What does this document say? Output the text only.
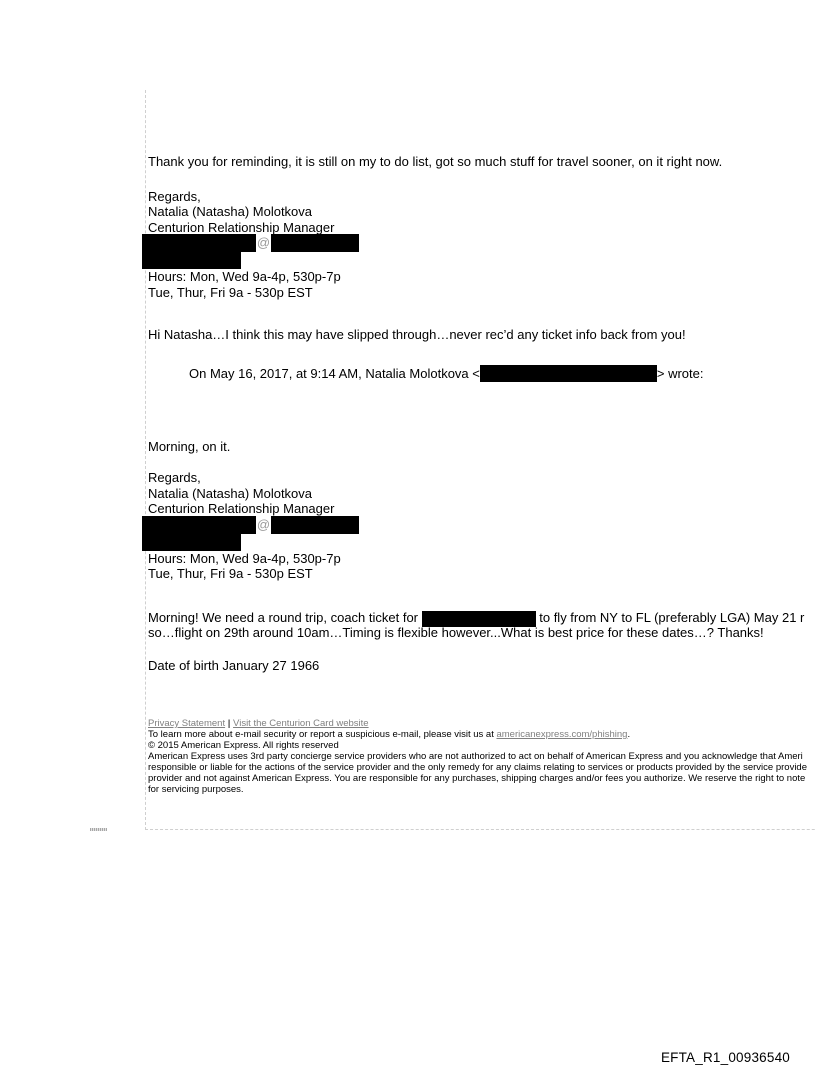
Thank you for reminding, it is still on my to do list, got so much stuff for travel sooner, on it right now.
Regards,
Natalia (Natasha) Molotkova
Centurion Relationship Manager
@
Hours: Mon, Wed 9a-4p, 530p-7p
Tue, Thur, Fri 9a - 530p EST
Hi Natasha…I think this may have slipped through…never rec’d any ticket info back from you!
On May 16, 2017, at 9:14 AM, Natalia Molotkova <	> wrote:
Morning, on it.
Regards,
Natalia (Natasha) Molotkova
Centurion Relationship Manager
@
Hours: Mon, Wed 9a-4p, 530p-7p
Tue, Thur, Fri 9a - 530p EST
Morning! We need a round trip, coach ticket for	to fly from NY to FL (preferably LGA) May 21 r
so…flight on 29th around 10am…Timing is flexible however...What is best price for these dates…? Thanks!
Date of birth January 27 1966
Privacy Statement | Visit the Centurion Card website
To learn more about e-mail security or report a suspicious e-mail, please visit us at americanexpress.com/phishing.
© 2015 American Express. All rights reserved
American Express uses 3rd party concierge service providers who are not authorized to act on behalf of American Express and you acknowledge that Ameri
responsible or liable for the actions of the service provider and the only remedy for any claims relating to services or products provided by the service provide
provider and not against American Express. You are responsible for any purchases, shipping charges and/or fees you authorize. We reserve the right to note
for servicing purposes.
EFTA_R1_00936540
